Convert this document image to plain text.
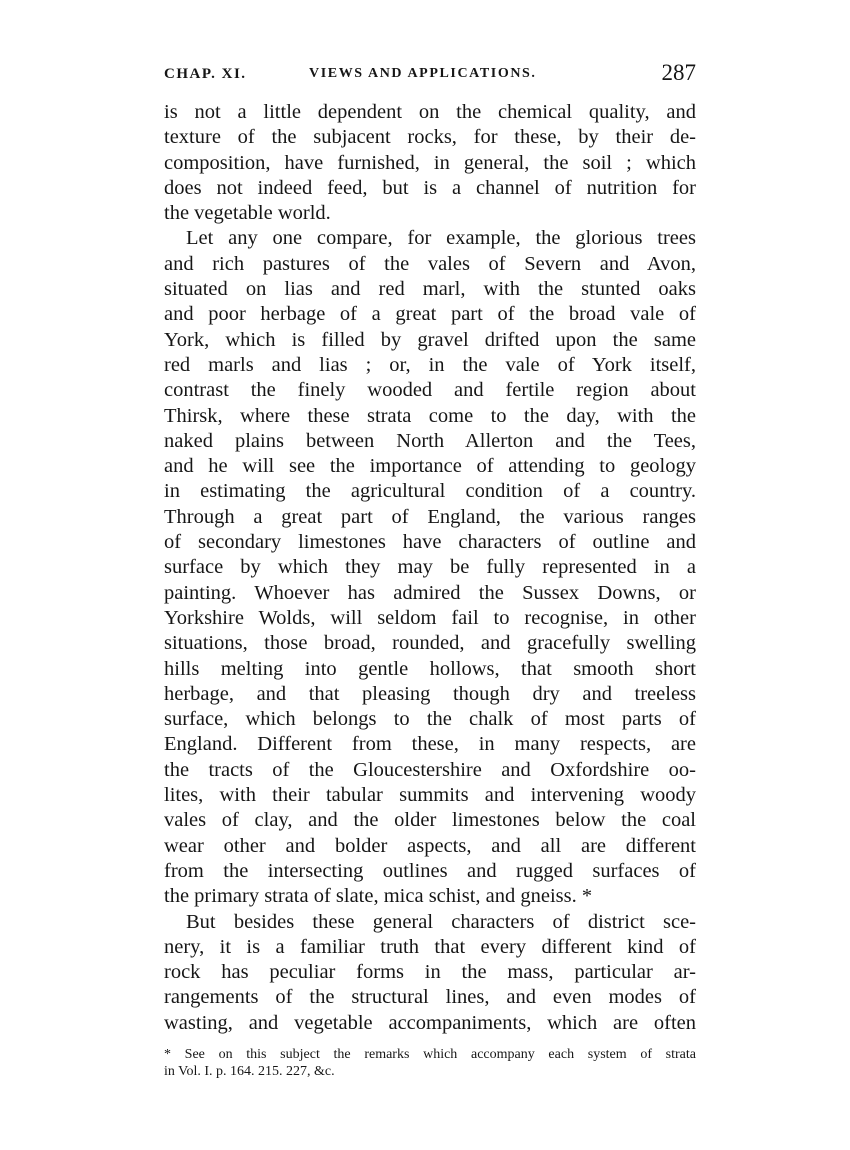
CHAP. XI.	VIEWS AND APPLICATIONS.	287
is not a little dependent on the chemical quality, and
texture of the subjacent rocks, for these, by their de-
composition, have furnished, in general, the soil ; which
does not indeed feed, but is a channel of nutrition for
the vegetable world.
Let any one compare, for example, the glorious trees
and rich pastures of the vales of Severn and Avon,
situated on lias and red marl, with the stunted oaks
and poor herbage of a great part of the broad vale of
York, which is filled by gravel drifted upon the same
red marls and lias ; or, in the vale of York itself,
contrast the finely wooded and fertile region about
Thirsk, where these strata come to the day, with the
naked plains between North Allerton and the Tees,
and he will see the importance of attending to geology
in estimating the agricultural condition of a country.
Through a great part of England, the various ranges
of secondary limestones have characters of outline and
surface by which they may be fully represented in a
painting. Whoever has admired the Sussex Downs, or
Yorkshire Wolds, will seldom fail to recognise, in other
situations, those broad, rounded, and gracefully swelling
hills melting into gentle hollows, that smooth short
herbage, and that pleasing though dry and treeless
surface, which belongs to the chalk of most parts of
England. Different from these, in many respects, are
the tracts of the Gloucestershire and Oxfordshire oo-
lites, with their tabular summits and intervening woody
vales of clay, and the older limestones below the coal
wear other and bolder aspects, and all are different
from the intersecting outlines and rugged surfaces of
the primary strata of slate, mica schist, and gneiss. *
But besides these general characters of district sce-
nery, it is a familiar truth that every different kind of
rock has peculiar forms in the mass, particular ar-
rangements of the structural lines, and even modes of
wasting, and vegetable accompaniments, which are often
* See on this subject the remarks which accompany each system of strata
in Vol. I. p. 164. 215. 227, &c.
